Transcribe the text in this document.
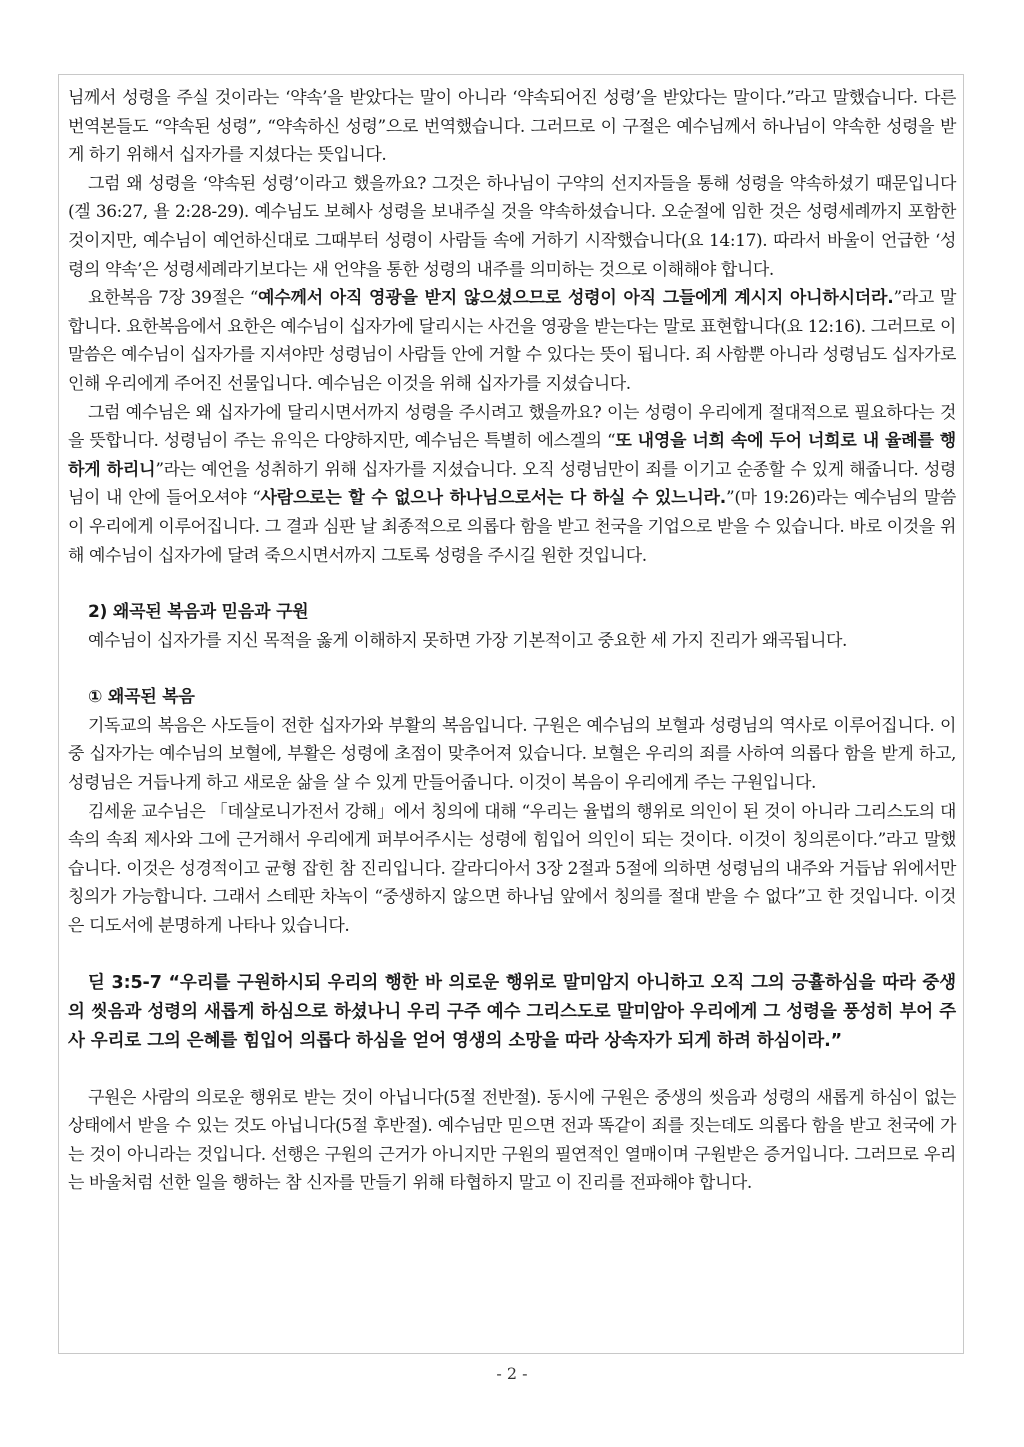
님께서 성령을 주실 것이라는 ‘약속’을 받았다는 말이 아니라 ‘약속되어진 성령’을 받았다는 말이다.”라고 말했습니다. 다른 번역본들도 “약속된 성령”, “약속하신 성령”으로 번역했습니다. 그러므로 이 구절은 예수님께서 하나님이 약속한 성령을 받게 하기 위해서 십자가를 지셨다는 뜻입니다.

그럼 왜 성령을 ‘약속된 성령’이라고 했을까요? 그것은 하나님이 구약의 선지자들을 통해 성령을 약속하셨기 때문입니다(겔 36:27, 욜 2:28-29). 예수님도 보혜사 성령을 보내주실 것을 약속하셨습니다. 오순절에 임한 것은 성령세례까지 포함한 것이지만, 예수님이 예언하신대로 그때부터 성령이 사람들 속에 거하기 시작했습니다(요 14:17). 따라서 바울이 언급한 ‘성령의 약속’은 성령세례라기보다는 새 언약을 통한 성령의 내주를 의미하는 것으로 이해해야 합니다.

요한복음 7장 39절은 “예수께서 아직 영광을 받지 않으셨으므로 성령이 아직 그들에게 계시지 아니하시더라.”라고 말합니다. 요한복음에서 요한은 예수님이 십자가에 달리시는 사건을 영광을 받는다는 말로 표현합니다(요 12:16). 그러므로 이 말씀은 예수님이 십자가를 지셔야만 성령님이 사람들 안에 거할 수 있다는 뜻이 됩니다. 죄 사함뿐 아니라 성령님도 십자가로 인해 우리에게 주어진 선물입니다. 예수님은 이것을 위해 십자가를 지셨습니다.

그럼 예수님은 왜 십자가에 달리시면서까지 성령을 주시려고 했을까요? 이는 성령이 우리에게 절대적으로 필요하다는 것을 뜻합니다. 성령님이 주는 유익은 다양하지만, 예수님은 특별히 에스겔의 “또 내영을 너희 속에 두어 너희로 내 율례를 행하게 하리니”라는 예언을 성취하기 위해 십자가를 지셨습니다. 오직 성령님만이 죄를 이기고 순종할 수 있게 해줍니다. 성령님이 내 안에 들어오셔야 “사람으로는 할 수 없으나 하나님으로서는 다 하실 수 있느니라.”(마 19:26)라는 예수님의 말씀이 우리에게 이루어집니다. 그 결과 심판 날 최종적으로 의롭다 함을 받고 천국을 기업으로 받을 수 있습니다. 바로 이것을 위해 예수님이 십자가에 달려 죽으시면서까지 그토록 성령을 주시길 원한 것입니다.

2) 왜곡된 복음과 믿음과 구원

예수님이 십자가를 지신 목적을 옳게 이해하지 못하면 가장 기본적이고 중요한 세 가지 진리가 왜곡됩니다.

① 왜곡된 복음

기독교의 복음은 사도들이 전한 십자가와 부활의 복음입니다. 구원은 예수님의 보혈과 성령님의 역사로 이루어집니다. 이 중 십자가는 예수님의 보혈에, 부활은 성령에 초점이 맞추어져 있습니다. 보혈은 우리의 죄를 사하여 의롭다 함을 받게 하고, 성령님은 거듭나게 하고 새로운 삶을 살 수 있게 만들어줍니다. 이것이 복음이 우리에게 주는 구원입니다.

김세윤 교수님은 「데살로니가전서 강해」에서 칭의에 대해 “우리는 율법의 행위로 의인이 된 것이 아니라 그리스도의 대속의 속죄 제사와 그에 근거해서 우리에게 퍼부어주시는 성령에 힘입어 의인이 되는 것이다. 이것이 칭의론이다.”라고 말했습니다. 이것은 성경적이고 균형 잡힌 참 진리입니다. 갈라디아서 3장 2절과 5절에 의하면 성령님의 내주와 거듭남 위에서만 칭의가 가능합니다. 그래서 스테판 차녹이 “중생하지 않으면 하나님 앞에서 칭의를 절대 받을 수 없다”고 한 것입니다. 이것은 디도서에 분명하게 나타나 있습니다.

딛 3:5-7 “우리를 구원하시되 우리의 행한 바 의로운 행위로 말미암지 아니하고 오직 그의 긍휼하심을 따라 중생의 씻음과 성령의 새롭게 하심으로 하셨나니 우리 구주 예수 그리스도로 말미암아 우리에게 그 성령을 풍성히 부어 주사 우리로 그의 은혜를 힘입어 의롭다 하심을 얻어 영생의 소망을 따라 상속자가 되게 하려 하심이라.”

구원은 사람의 의로운 행위로 받는 것이 아닙니다(5절 전반절). 동시에 구원은 중생의 씻음과 성령의 새롭게 하심이 없는 상태에서 받을 수 있는 것도 아닙니다(5절 후반절). 예수님만 믿으면 전과 똑같이 죄를 짓는데도 의롭다 함을 받고 천국에 가는 것이 아니라는 것입니다. 선행은 구원의 근거가 아니지만 구원의 필연적인 열매이며 구원받은 증거입니다. 그러므로 우리는 바울처럼 선한 일을 행하는 참 신자를 만들기 위해 타협하지 말고 이 진리를 전파해야 합니다.

- 2 -
